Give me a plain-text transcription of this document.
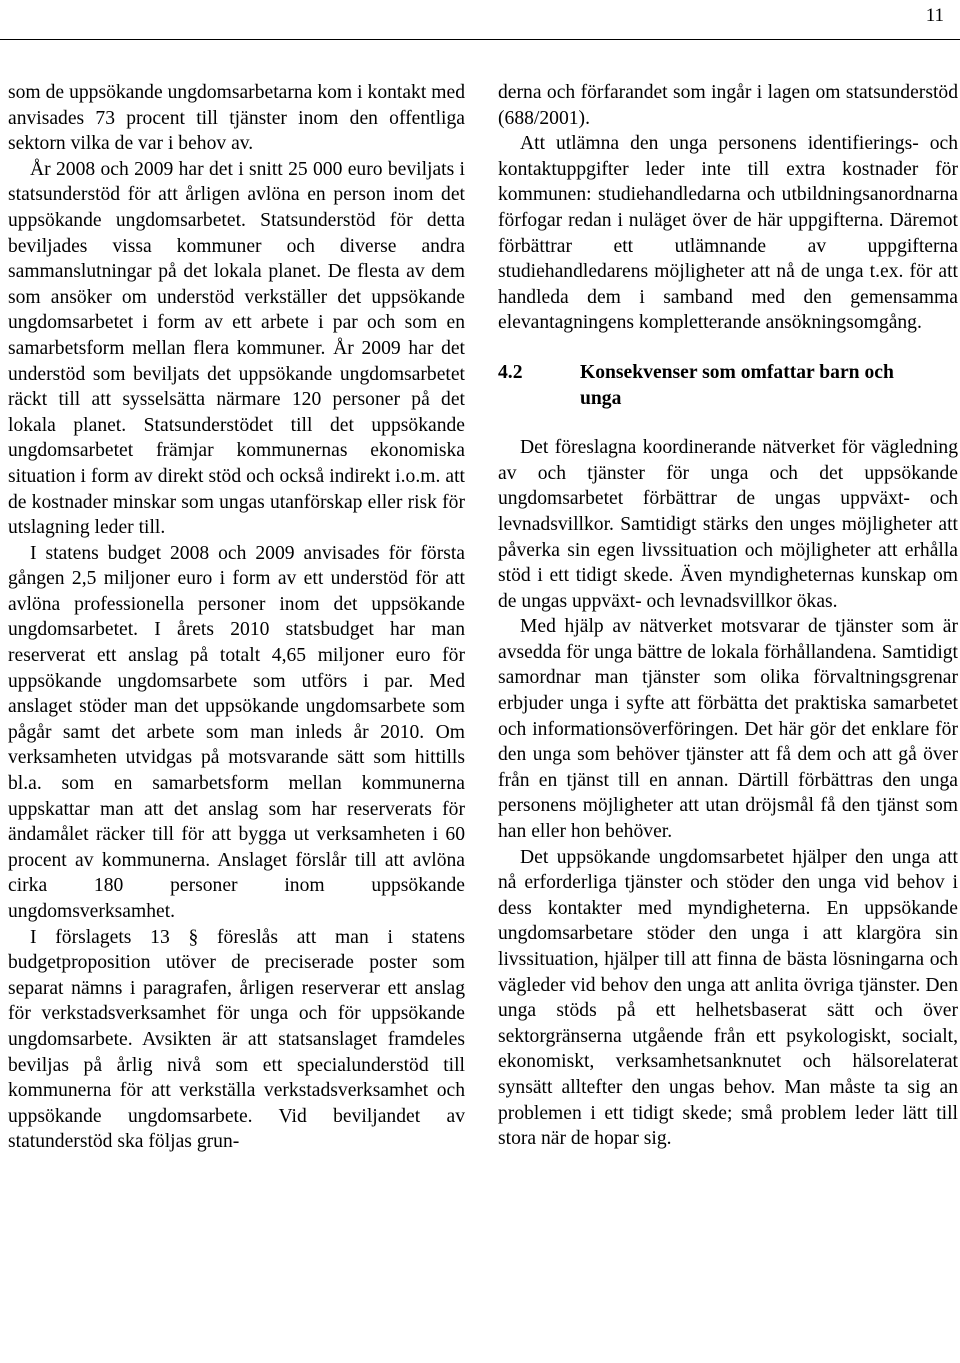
11

som de uppsökande ungdomsarbetarna kom i kontakt med anvisades 73 procent till tjänster inom den offentliga sektorn vilka de var i behov av.

År 2008 och 2009 har det i snitt 25 000 euro beviljats i statsunderstöd för att årligen avlöna en person inom det uppsökande ungdomsarbetet. Statsunderstöd för detta beviljades vissa kommuner och diverse andra sammanslutningar på det lokala planet. De flesta av dem som ansöker om understöd verkställer det uppsökande ungdomsarbetet i form av ett arbete i par och som en samarbetsform mellan flera kommuner. År 2009 har det understöd som beviljats det uppsökande ungdomsarbetet räckt till att sysselsätta närmare 120 personer på det lokala planet. Statsunderstödet till det uppsökande ungdomsarbetet främjar kommunernas ekonomiska situation i form av direkt stöd och också indirekt i.o.m. att de kostnader minskar som ungas utanförskap eller risk för utslagning leder till.

I statens budget 2008 och 2009 anvisades för första gången 2,5 miljoner euro i form av ett understöd för att avlöna professionella personer inom det uppsökande ungdomsarbetet. I årets 2010 statsbudget har man reserverat ett anslag på totalt 4,65 miljoner euro för uppsökande ungdomsarbete som utförs i par. Med anslaget stöder man det uppsökande ungdomsarbete som pågår samt det arbete som man inleds år 2010. Om verksamheten utvidgas på motsvarande sätt som hittills bl.a. som en samarbetsform mellan kommunerna uppskattar man att det anslag som har reserverats för ändamålet räcker till för att bygga ut verksamheten i 60 procent av kommunerna. Anslaget förslår till att avlöna cirka 180 personer inom uppsökande ungdomsverksamhet.

I förslagets 13 § föreslås att man i statens budgetproposition utöver de preciserade poster som separat nämns i paragrafen, årligen reserverar ett anslag för verkstadsverksamhet för unga och för uppsökande ungdomsarbete. Avsikten är att statsanslaget framdeles beviljas på årlig nivå som ett specialunderstöd till kommunerna för att verkställa verkstadsverksamhet och uppsökande ungdomsarbete. Vid beviljandet av statunderstöd ska följas grun-

derna och förfarandet som ingår i lagen om statsunderstöd (688/2001).

Att utlämna den unga personens identifierings- och kontaktuppgifter leder inte till extra kostnader för kommunen: studiehandledarna och utbildningsanordnarna förfogar redan i nuläget över de här uppgifterna. Däremot förbättrar ett utlämnande av uppgifterna studiehandledarens möjligheter att nå de unga t.ex. för att handleda dem i samband med den gemensamma elevantagningens kompletterande ansökningsomgång.

4.2	Konsekvenser som omfattar barn och unga

Det föreslagna koordinerande nätverket för vägledning av och tjänster för unga och det uppsökande ungdomsarbetet förbättrar de ungas uppväxt- och levnadsvillkor. Samtidigt stärks den unges möjligheter att påverka sin egen livssituation och möjligheter att erhålla stöd i ett tidigt skede. Även myndigheternas kunskap om de ungas uppväxt- och levnadsvillkor ökas.

Med hjälp av nätverket motsvarar de tjänster som är avsedda för unga bättre de lokala förhållandena. Samtidigt samordnar man tjänster som olika förvaltningsgrenar erbjuder unga i syfte att förbätta det praktiska samarbetet och informationsöverföringen. Det här gör det enklare för den unga som behöver tjänster att få dem och att gå över från en tjänst till en annan. Därtill förbättras den unga personens möjligheter att utan dröjsmål få den tjänst som han eller hon behöver.

Det uppsökande ungdomsarbetet hjälper den unga att nå erforderliga tjänster och stöder den unga vid behov i dess kontakter med myndigheterna. En uppsökande ungdomsarbetare stöder den unga i att klargöra sin livssituation, hjälper till att finna de bästa lösningarna och vägleder vid behov den unga att anlita övriga tjänster. Den unga stöds på ett helhetsbaserat sätt och över sektorgränserna utgående från ett psykologiskt, socialt, ekonomiskt, verksamhetsanknutet och hälsorelaterat synsätt alltefter den ungas behov. Man måste ta sig an problemen i ett tidigt skede; små problem leder lätt till stora när de hopar sig.
